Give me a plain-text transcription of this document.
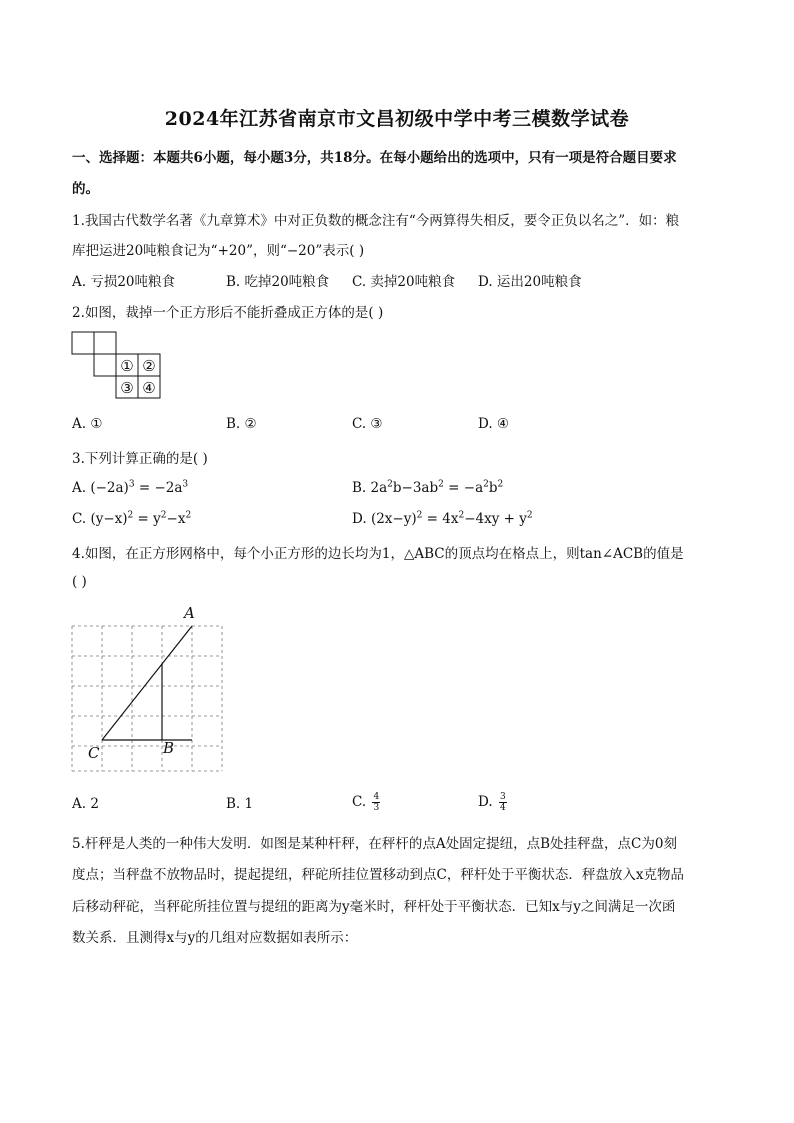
2024年江苏省南京市文昌初级中学中考三模数学试卷
一、选择题：本题共6小题，每小题3分，共18分。在每小题给出的选项中，只有一项是符合题目要求
的。
1.我国古代数学名著《九章算术》中对正负数的概念注有“今两算得失相反，要令正负以名之”．如：粮
库把运进20吨粮食记为“+20”，则“−20”表示( )
A. 亏损20吨粮食	B. 吃掉20吨粮食 C. 卖掉20吨粮食 D. 运出20吨粮食
2.如图，裁掉一个正方形后不能折叠成正方体的是( )
① ②
③ ④
A. ①	B. ②	C. ③	D. ④
3.下列计算正确的是( )
A. $(-2a)^3 = -2a^3$	B. $2a^2b-3ab^2 = -a^2b^2$
C. $(y-x)^2 = y^2-x^2$	D. $(2x-y)^2 = 4x^2-4xy + y^2$
4.如图，在正方形网格中，每个小正方形的边长均为1，△ABC的顶点均在格点上，则tan∠ACB的值是
( )
A
B
C
A. 2	B. 1	C. $\frac{4}{3}$	D. $\frac{3}{4}$
5.杆秤是人类的一种伟大发明．如图是某种杆秤，在秤杆的点A处固定提纽，点B处挂秤盘，点C为0刻
度点；当秤盘不放物品时，提起提纽，秤砣所挂位置移动到点C，秤杆处于平衡状态．秤盘放入x克物品
后移动秤砣，当秤砣所挂位置与提纽的距离为y毫米时，秤杆处于平衡状态．已知x与y之间满足一次函
数关系．且测得x与y的几组对应数据如表所示：
